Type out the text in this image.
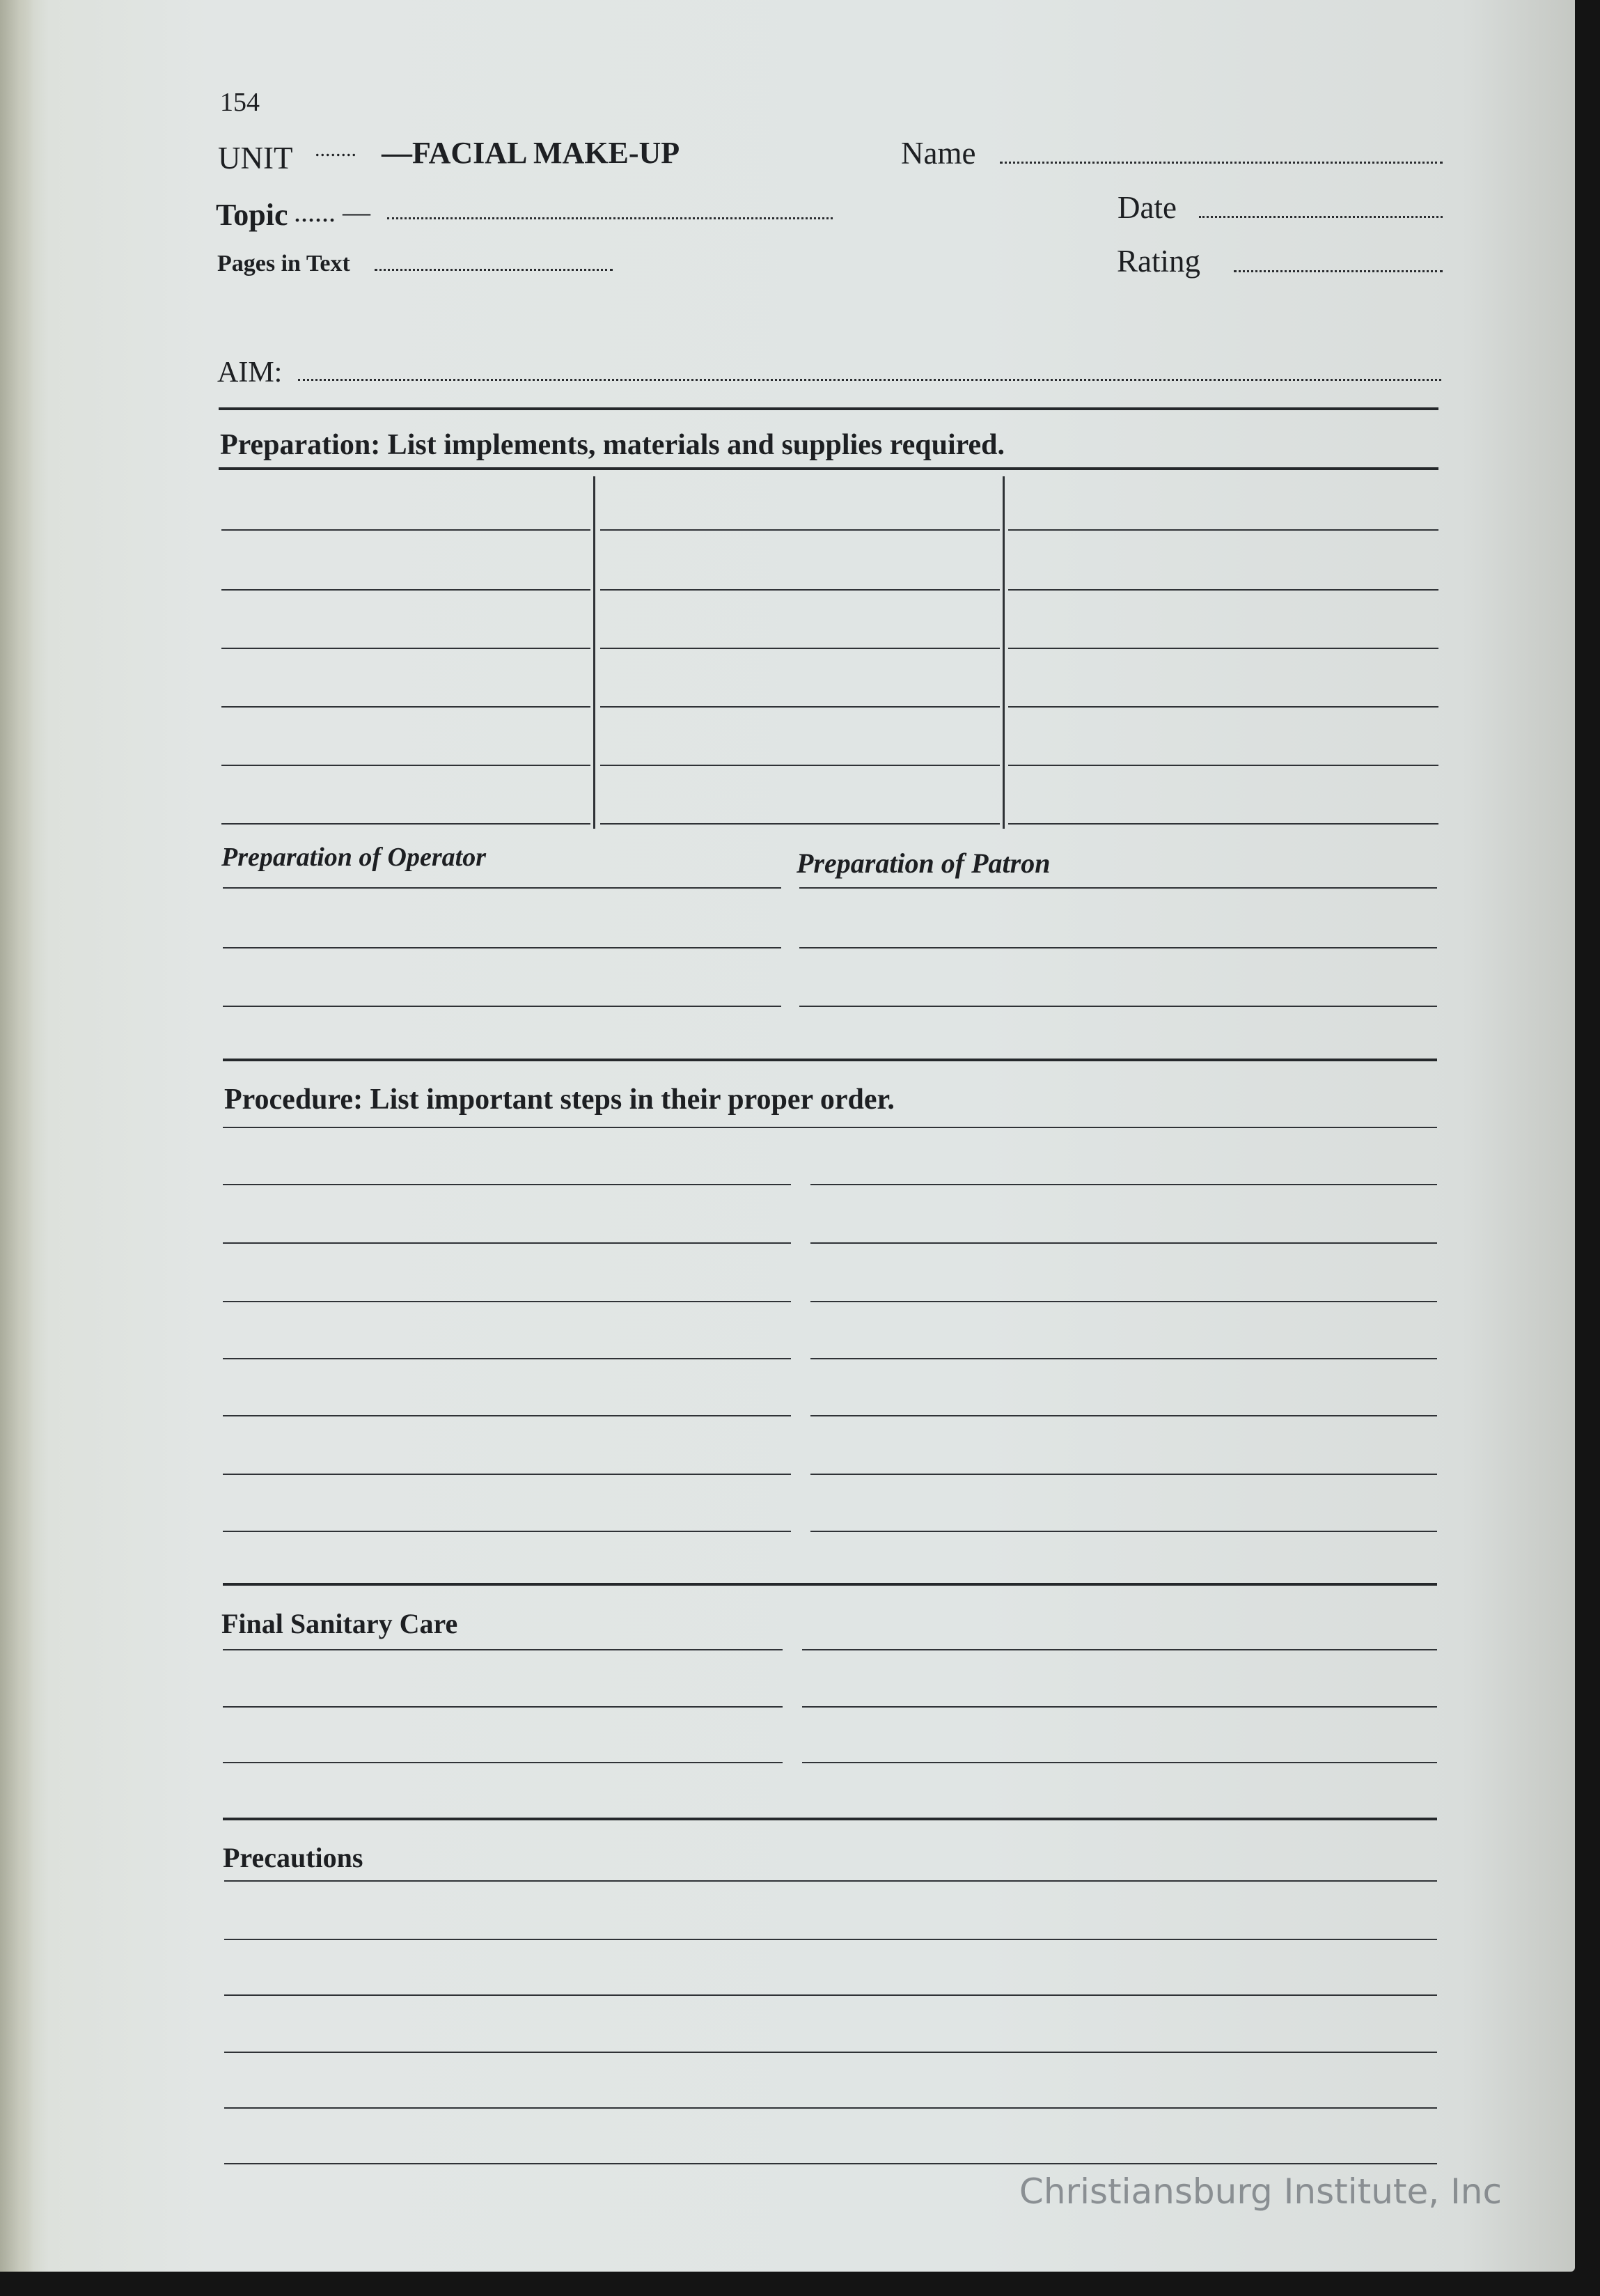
154
UNIT ........ —FACIAL MAKE-UP	Name
Topic ...... —	Date
Pages in Text	Rating
AIM:
Preparation: List implements, materials and supplies required.
Preparation of Operator	Preparation of Patron
Procedure: List important steps in their proper order.
Final Sanitary Care
Precautions
Christiansburg Institute, Inc
